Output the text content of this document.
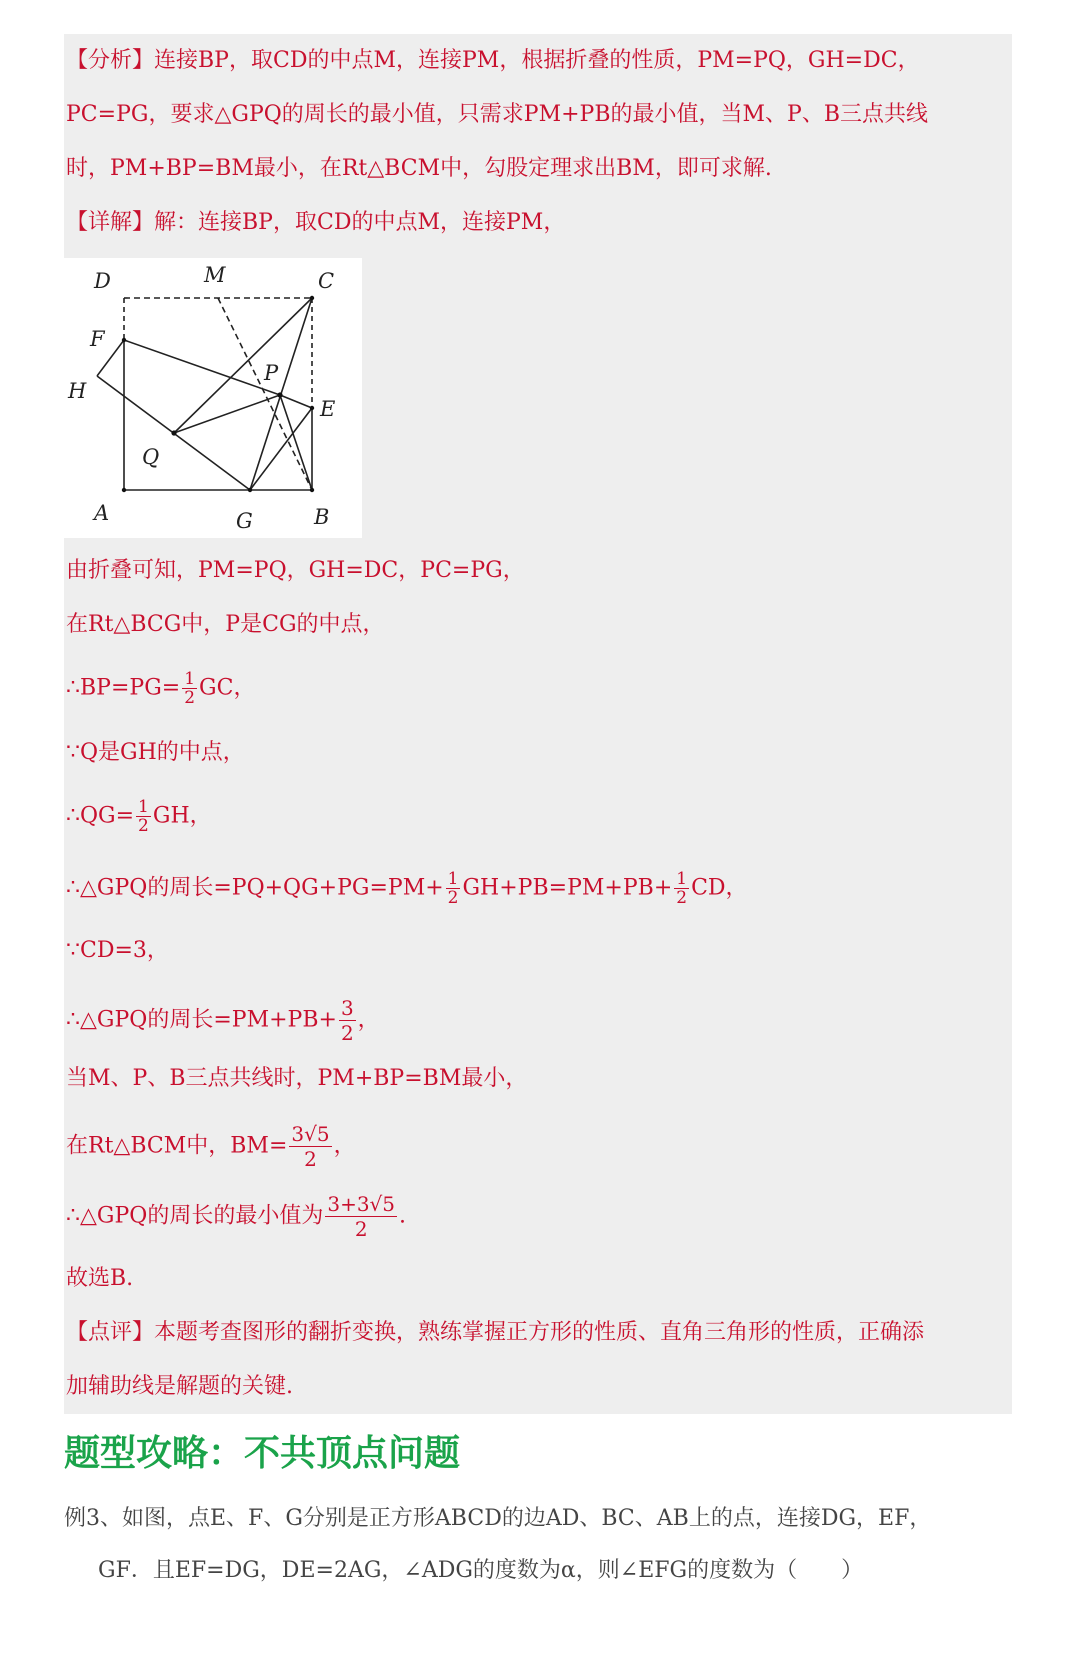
【分析】连接BP，取CD的中点M，连接PM，根据折叠的性质，PM=PQ，GH=DC，
PC=PG，要求△GPQ的周长的最小值，只需求PM+PB的最小值，当M、P、B三点共线
时，PM+BP=BM最小，在Rt△BCM中，勾股定理求出BM，即可求解.
【详解】解：连接BP，取CD的中点M，连接PM，
D	M	C
F
H
P
E
Q
A	G	B
由折叠可知，PM=PQ，GH=DC，PC=PG，
在Rt△BCG中，P是CG的中点，
∴BP=PG= $\frac{1}{2}$ GC，
∵Q是GH的中点，
∴QG= $\frac{1}{2}$ GH，
∴△GPQ的周长$=PQ+QG+PG=PM+ \frac{1}{2} GH+PB=PM+PB+ \frac{1}{2}$ CD，
∵CD=3，
∴△GPQ的周长$=PM+PB+ \frac{3}{2}$ ，
当M、P、B三点共线时，PM+BP=BM最小，
在Rt△BCM中，$BM= \frac{3√5}{2}$ ，
∴△GPQ的周长的最小值为 $\frac{3+3√5}{2}$ .
故选B.
【点评】本题考查图形的翻折变换，熟练掌握正方形的性质、直角三角形的性质，正确添
加辅助线是解题的关键.
题型攻略：不共顶点问题
例3、如图，点E、F、G分别是正方形ABCD的边AD、BC、AB上的点，连接DG，EF，
GF．且EF=DG，DE=2AG，∠ADG的度数为α，则∠EFG的度数为（　　）
